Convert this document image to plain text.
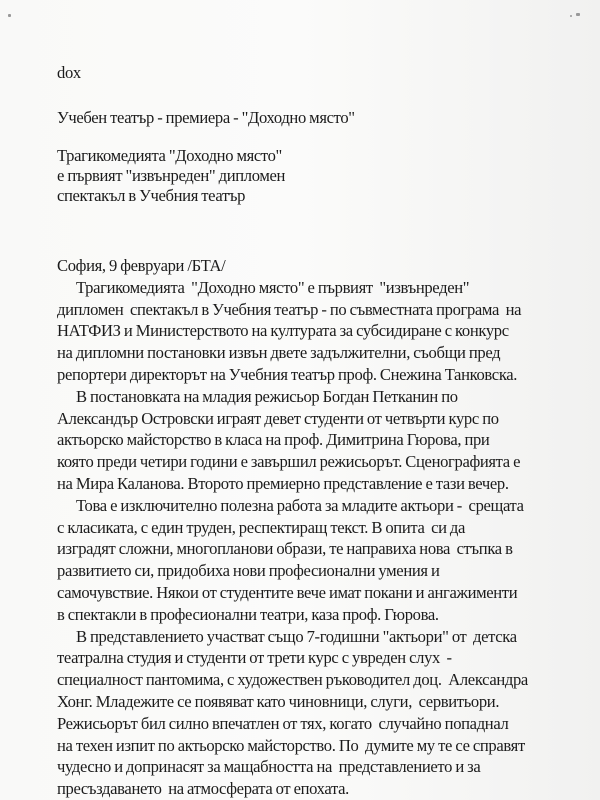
dox
Учебен театър - премиера - "Доходно място"
Трагикомедията "Доходно място"
е първият "извънреден" дипломен
спектакъл в Учебния театър
София, 9 февруари /БТА/
Трагикомедията  "Доходно място" е първият  "извънреден"
дипломен  спектакъл в Учебния театър - по съвместната програма  на
НАТФИЗ и Министерството на културата за субсидиране с конкурс
на дипломни постановки извън двете задължителни, съобщи пред
репортери директорът на Учебния театър проф. Снежина Танковска.
В постановката на младия режисьор Богдан Петканин по
Александър Островски играят девет студенти от четвърти курс по
актьорско майсторство в класа на проф. Димитрина Гюрова, при
която преди четири години е завършил режисьорът. Сценографията е
на Мира Каланова. Второто премиерно представление е тази вечер.
Това е изключително полезна работа за младите актьори -  срещата
с класиката, с един труден, респектиращ текст. В опита  си да
изградят сложни, многопланови образи, те направиха нова  стъпка в
развитието си, придобиха нови професионални умения и
самочувствие. Някои от студентите вече имат покани и ангажименти
в спектакли в професионални театри, каза проф. Гюрова.
В представлението участват също 7-годишни "актьори" от  детска
театрална студия и студенти от трети курс с увреден слух  -
специалност пантомима, с художествен ръководител доц.  Александра
Хонг. Младежите се появяват като чиновници, слуги,  сервитьори.
Режисьорът бил силно впечатлен от тях, когато  случайно попаднал
на техен изпит по актьорско майсторство. По  думите му те се справят
чудесно и допринасят за мащабността на  представлението и за
пресъздаването  на атмосферата от епохата.
